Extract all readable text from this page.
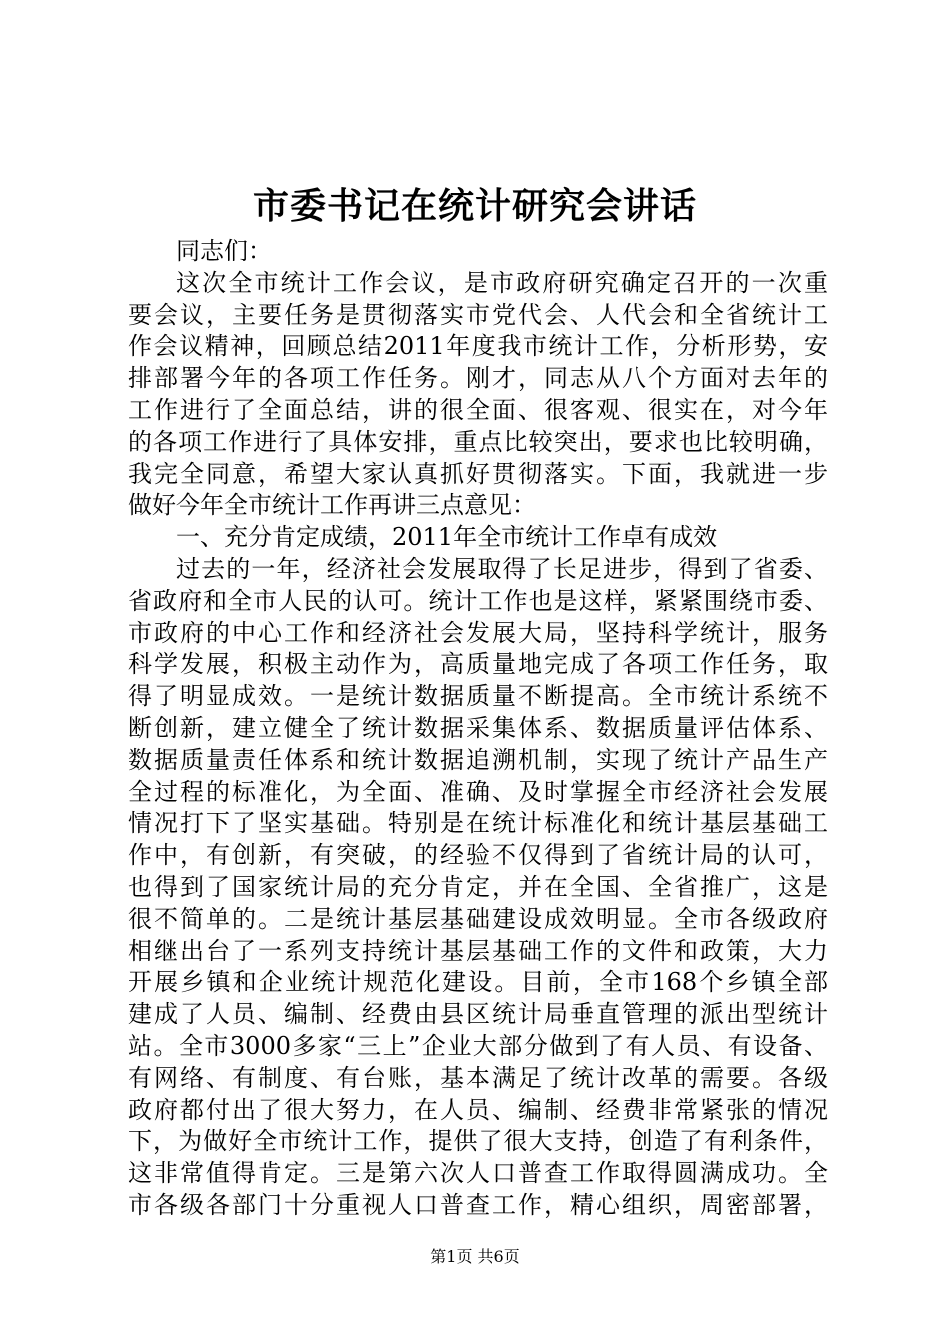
市委书记在统计研究会讲话
同志们：
这次全市统计工作会议，是市政府研究确定召开的一次重
要会议，主要任务是贯彻落实市党代会、人代会和全省统计工
作会议精神，回顾总结2011年度我市统计工作，分析形势，安
排部署今年的各项工作任务。刚才，同志从八个方面对去年的
工作进行了全面总结，讲的很全面、很客观、很实在，对今年
的各项工作进行了具体安排，重点比较突出，要求也比较明确，
我完全同意，希望大家认真抓好贯彻落实。下面，我就进一步
做好今年全市统计工作再讲三点意见：
一、充分肯定成绩，2011年全市统计工作卓有成效
过去的一年，经济社会发展取得了长足进步，得到了省委、
省政府和全市人民的认可。统计工作也是这样，紧紧围绕市委、
市政府的中心工作和经济社会发展大局，坚持科学统计，服务
科学发展，积极主动作为，高质量地完成了各项工作任务，取
得了明显成效。一是统计数据质量不断提高。全市统计系统不
断创新，建立健全了统计数据采集体系、数据质量评估体系、
数据质量责任体系和统计数据追溯机制，实现了统计产品生产
全过程的标准化，为全面、准确、及时掌握全市经济社会发展
情况打下了坚实基础。特别是在统计标准化和统计基层基础工
作中，有创新，有突破，的经验不仅得到了省统计局的认可，
也得到了国家统计局的充分肯定，并在全国、全省推广，这是
很不简单的。二是统计基层基础建设成效明显。全市各级政府
相继出台了一系列支持统计基层基础工作的文件和政策，大力
开展乡镇和企业统计规范化建设。目前，全市168个乡镇全部
建成了人员、编制、经费由县区统计局垂直管理的派出型统计
站。全市3000多家“三上”企业大部分做到了有人员、有设备、
有网络、有制度、有台账，基本满足了统计改革的需要。各级
政府都付出了很大努力，在人员、编制、经费非常紧张的情况
下，为做好全市统计工作，提供了很大支持，创造了有利条件，
这非常值得肯定。三是第六次人口普查工作取得圆满成功。全
市各级各部门十分重视人口普查工作，精心组织，周密部署，
第1页 共6页
